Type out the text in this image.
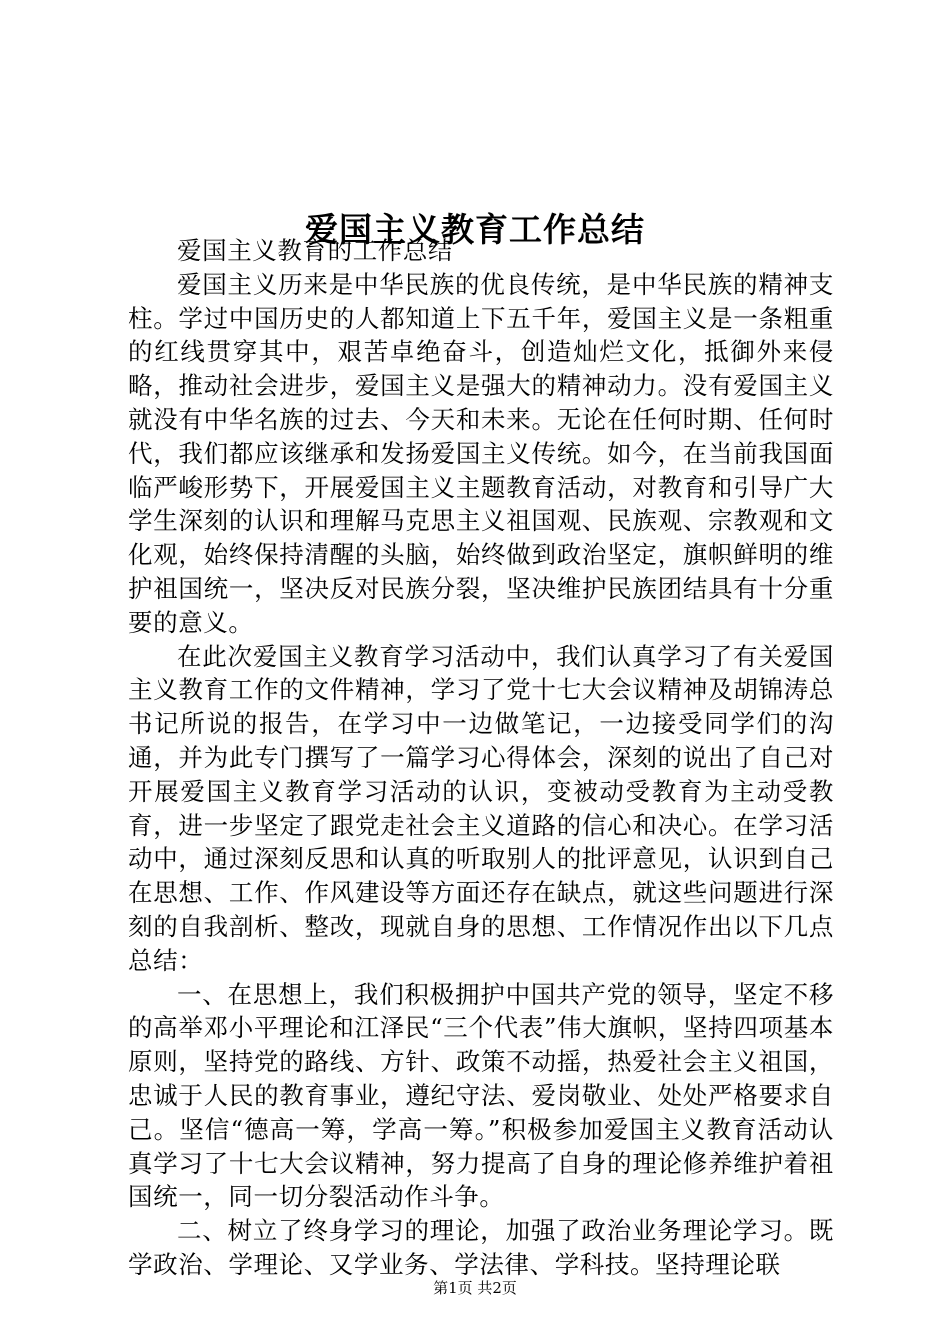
爱国主义教育工作总结

爱国主义教育的工作总结

爱国主义历来是中华民族的优良传统，是中华民族的精神支柱。学过中国历史的人都知道上下五千年，爱国主义是一条粗重的红线贯穿其中，艰苦卓绝奋斗，创造灿烂文化，抵御外来侵略，推动社会进步，爱国主义是强大的精神动力。没有爱国主义就没有中华名族的过去、今天和未来。无论在任何时期、任何时代，我们都应该继承和发扬爱国主义传统。如今，在当前我国面临严峻形势下，开展爱国主义主题教育活动，对教育和引导广大学生深刻的认识和理解马克思主义祖国观、民族观、宗教观和文化观，始终保持清醒的头脑，始终做到政治坚定，旗帜鲜明的维护祖国统一，坚决反对民族分裂，坚决维护民族团结具有十分重要的意义。

在此次爱国主义教育学习活动中，我们认真学习了有关爱国主义教育工作的文件精神，学习了党十七大会议精神及胡锦涛总书记所说的报告，在学习中一边做笔记，一边接受同学们的沟通，并为此专门撰写了一篇学习心得体会，深刻的说出了自己对开展爱国主义教育学习活动的认识，变被动受教育为主动受教育，进一步坚定了跟党走社会主义道路的信心和决心。在学习活动中，通过深刻反思和认真的听取别人的批评意见，认识到自己在思想、工作、作风建设等方面还存在缺点，就这些问题进行深刻的自我剖析、整改，现就自身的思想、工作情况作出以下几点总结：

一、在思想上，我们积极拥护中国共产党的领导，坚定不移的高举邓小平理论和江泽民“三个代表”伟大旗帜，坚持四项基本原则，坚持党的路线、方针、政策不动摇，热爱社会主义祖国，忠诚于人民的教育事业，遵纪守法、爱岗敬业、处处严格要求自己。坚信“德高一筹，学高一筹。”积极参加爱国主义教育活动认真学习了十七大会议精神，努力提高了自身的理论修养维护着祖国统一，同一切分裂活动作斗争。

二、树立了终身学习的理论，加强了政治业务理论学习。既学政治、学理论、又学业务、学法律、学科技。坚持理论联

第1页 共2页
